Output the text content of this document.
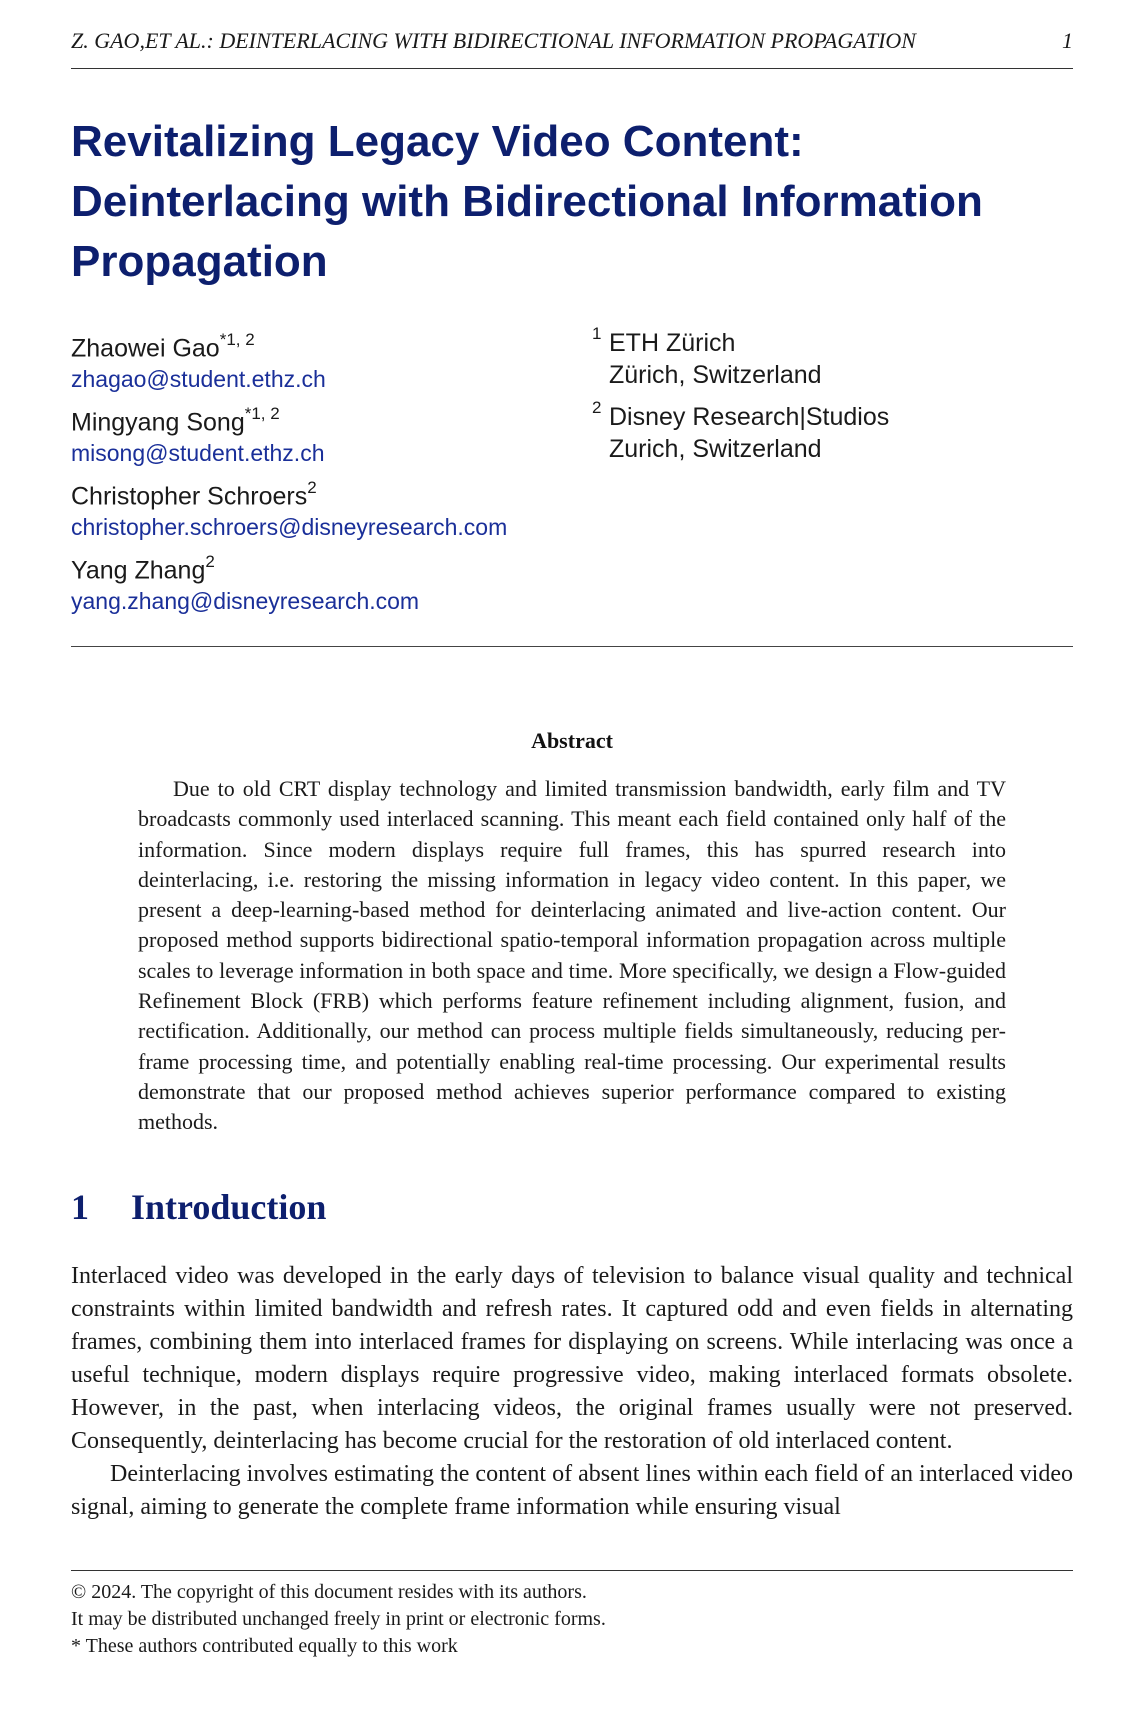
Z. GAO,ET AL.: DEINTERLACING WITH BIDIRECTIONAL INFORMATION PROPAGATION	1
Revitalizing Legacy Video Content:
Deinterlacing with Bidirectional Information
Propagation
Zhaowei Gao$^{*1, 2}$
zhagao@student.ethz.ch
Mingyang Song$^{*1, 2}$
misong@student.ethz.ch
Christopher Schroers$^2$
christopher.schroers@disneyresearch.com
Yang Zhang$^2$
yang.zhang@disneyresearch.com
1 ETH Zürich
Zürich, Switzerland
2 Disney Research|Studios
Zurich, Switzerland
Abstract

Due to old CRT display technology and limited transmission bandwidth, early film and TV broadcasts commonly used interlaced scanning. This meant each field contained only half of the information. Since modern displays require full frames, this has spurred research into deinterlacing, i.e. restoring the missing information in legacy video content. In this paper, we present a deep-learning-based method for deinterlacing animated and live-action content. Our proposed method supports bidirectional spatio-temporal information propagation across multiple scales to leverage information in both space and time. More specifically, we design a Flow-guided Refinement Block (FRB) which performs feature refinement including alignment, fusion, and rectification. Additionally, our method can process multiple fields simultaneously, reducing per-frame processing time, and potentially enabling real-time processing. Our experimental results demonstrate that our proposed method achieves superior performance compared to existing methods.

1 Introduction

Interlaced video was developed in the early days of television to balance visual quality and technical constraints within limited bandwidth and refresh rates. It captured odd and even fields in alternating frames, combining them into interlaced frames for displaying on screens. While interlacing was once a useful technique, modern displays require progressive video, making interlaced formats obsolete. However, in the past, when interlacing videos, the original frames usually were not preserved. Consequently, deinterlacing has become crucial for the restoration of old interlaced content.

Deinterlacing involves estimating the content of absent lines within each field of an interlaced video signal, aiming to generate the complete frame information while ensuring visual

© 2024. The copyright of this document resides with its authors.
It may be distributed unchanged freely in print or electronic forms.
* These authors contributed equally to this work
